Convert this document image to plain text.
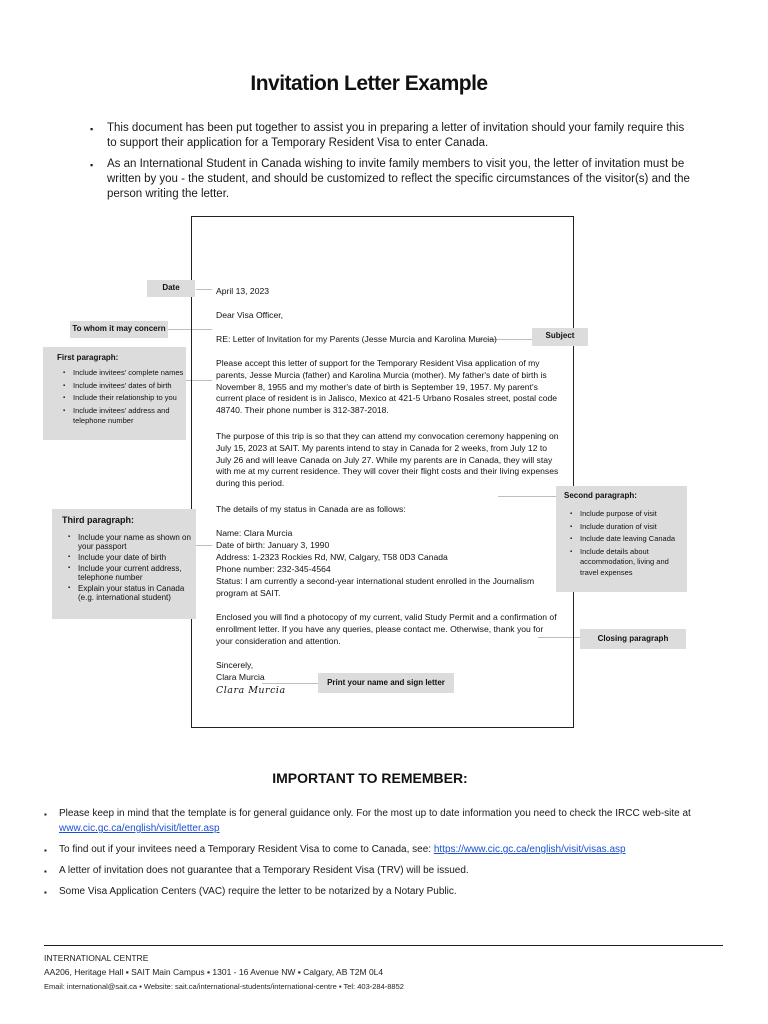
Invitation Letter Example
▪ This document has been put together to assist you in preparing a letter of invitation should your family require this to support their application for a Temporary Resident Visa to enter Canada.
▪ As an International Student in Canada wishing to invite family members to visit you, the letter of invitation must be written by you - the student, and should be customized to reflect the specific circumstances of the visitor(s) and the person writing the letter.

April 13, 2023

Dear Visa Officer,

RE: Letter of Invitation for my Parents (Jesse Murcia and Karolina Murcia)

Please accept this letter of support for the Temporary Resident Visa application of my parents, Jesse Murcia (father) and Karolina Murcia (mother). My father's date of birth is November 8, 1955 and my mother's date of birth is September 19, 1957. My parent's current place of resident is in Jalisco, Mexico at 421-5 Urbano Rosales street, postal code 48740. Their phone number is 312-387-2018.

The purpose of this trip is so that they can attend my convocation ceremony happening on July 15, 2023 at SAIT. My parents intend to stay in Canada for 2 weeks, from July 12 to July 26 and will leave Canada on July 27. While my parents are in Canada, they will stay with me at my current residence. They will cover their flight costs and their living expenses during this period.

The details of my status in Canada are as follows:

Name: Clara Murcia

Date of birth: January 3, 1990

Address: 1-2323 Rockies Rd, NW, Calgary, T58 0D3 Canada

Phone number: 232-345-4564

Status: I am currently a second-year international student enrolled in the Journalism program at SAIT.

Enclosed you will find a photocopy of my current, valid Study Permit and a confirmation of enrollment letter. If you have any queries, please contact me. Otherwise, thank you for your consideration and attention.

Sincerely,

Clara Murcia

Clara Murcia

Date
To whom it may concern
Subject
First paragraph:
▪ Include invitees' complete names
▪ Include invitees' dates of birth
▪ Include their relationship to you
▪ Include invitees' address and telephone number
Third paragraph:
▪ Include your name as shown on your passport
▪ Include your date of birth
▪ Include your current address, telephone number
▪ Explain your status in Canada (e.g. international student)
Second paragraph:
▪ Include purpose of visit
▪ Include duration of visit
▪ Include date leaving Canada
▪ Include details about accommodation, living and travel expenses
Closing paragraph
Print your name and sign letter
IMPORTANT TO REMEMBER:
▪ Please keep in mind that the template is for general guidance only. For the most up to date information you need to check the IRCC web-site at www.cic.gc.ca/english/visit/letter.asp
▪ To find out if your invitees need a Temporary Resident Visa to come to Canada, see: https://www.cic.gc.ca/english/visit/visas.asp
▪ A letter of invitation does not guarantee that a Temporary Resident Visa (TRV) will be issued.
▪ Some Visa Application Centers (VAC) require the letter to be notarized by a Notary Public.
INTERNATIONAL CENTRE
AA206, Heritage Hall ▪ SAIT Main Campus ▪ 1301 - 16 Avenue NW ▪ Calgary, AB T2M 0L4
Email: international@sait.ca ▪ Website: sait.ca/international-students/international-centre ▪ Tel: 403-284-8852
